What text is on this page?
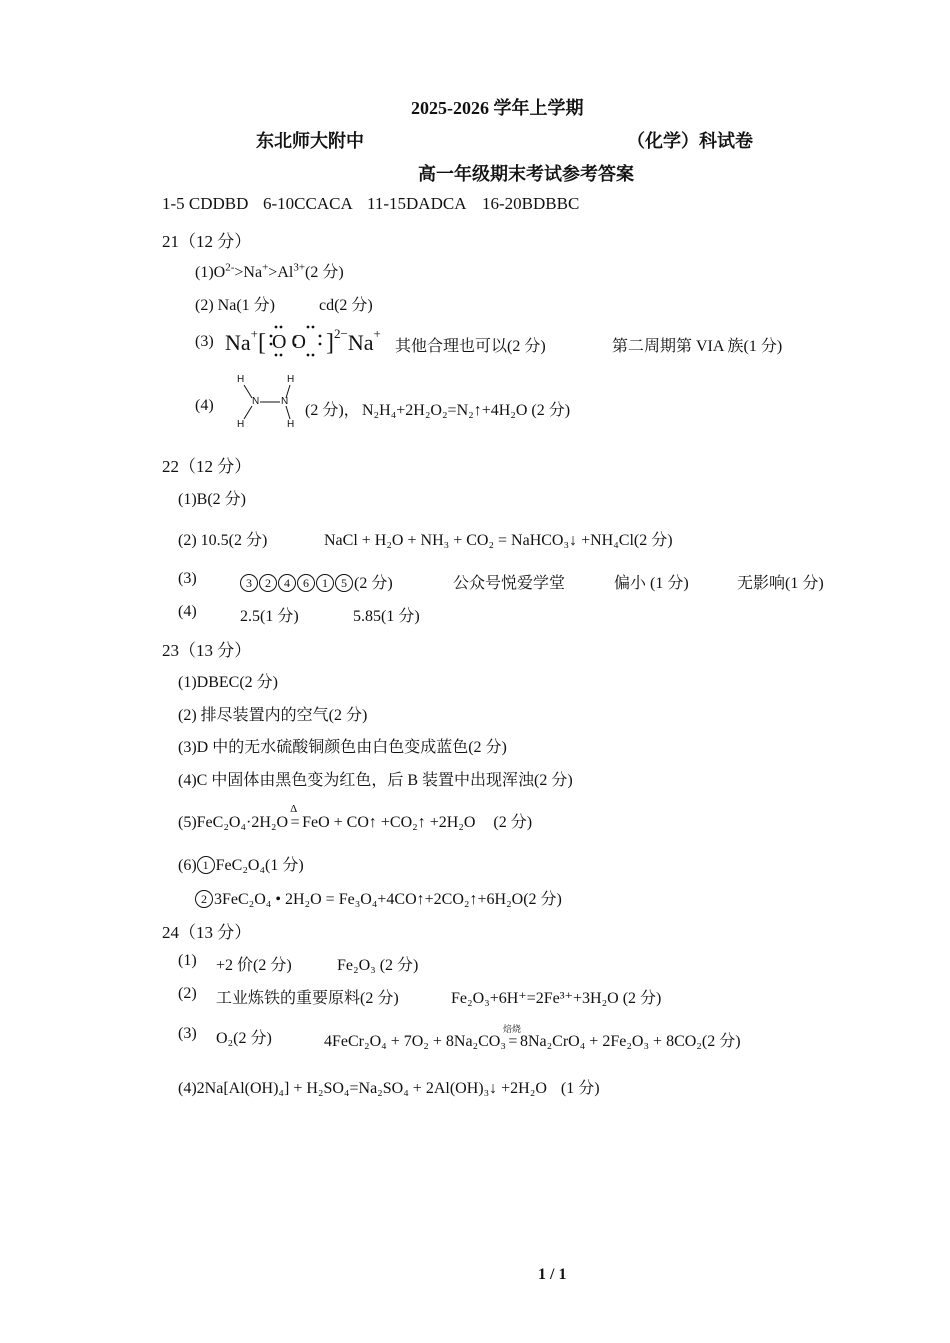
2025-2026 学年上学期
东北师大附中	（化学）科试卷
高一年级期末考试参考答案
1-5 CDDBD 6-10CCACA 11-15DADCA 16-20BDBBC
21（12 分）
$(1)O^{2-}>Na^+>Al^{3+}(2$ 分)
(2) Na(1 分)	cd(2 分)
(3) Na+[ O O ]$^{2-}$Na+
其他合理也可以(2 分)	第二周期第 VIA 族(1 分)
(4)
H
H
N N
H
H
(2 分)， N₂H₄+2H₂O₂=N₂↑+4H₂O (2 分)
22（12 分）
(1)B(2 分)
(2) 10.5(2 分)	NaCl + H₂O + NH₃ + CO₂ = NaHCO₃↓ +NH₄Cl(2 分)
(3)	3 2 4 6 1 5 (2 分)	公众号悦爱学堂	偏小 (1 分)	无影响(1 分)
(4)	2.5(1 分)	5.85(1 分)
23（13 分）
(1)DBEC(2 分)
(2) 排尽装置内的空气(2 分)
(3)D 中的无水硫酸铜颜色由白色变成蓝色(2 分)
(4)C 中固体由黑色变为红色，后 B 装置中出现浑浊(2 分)
(5)FeC₂O₄·2H₂O
Δ
= FeO + CO↑ +CO₂↑ +2H₂O (2 分)
(6) 1 FeC₂O₄(1 分)
2 3FeC₂O₄ • 2H₂O = Fe₃O₄+4CO↑+2CO₂↑+6H₂O(2 分)
24（13 分）
(1) +2 价(2 分)	Fe₂O₃ (2 分)
(2) 工业炼铁的重要原料(2 分)	Fe₂O₃+6H⁺=2Fe³⁺+3H₂O (2 分)
(3) O₂(2 分)	4FeCr₂O₄ + 7O₂ + 8Na₂CO₃
焙烧
= 8Na₂CrO₄ + 2Fe₂O₃ + 8CO₂(2 分)
(4)2Na[Al(OH)₄] + H₂SO₄=Na₂SO₄ + 2Al(OH)₃↓ +2H₂O (1 分)
1 / 1
